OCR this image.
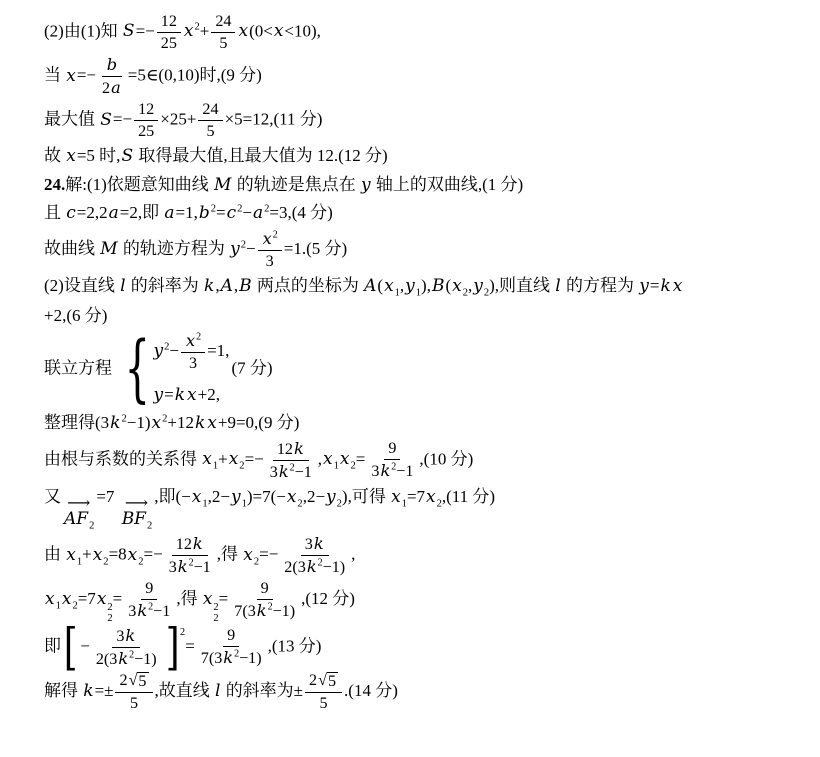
(2)由(1)知 $S=- \frac{12}{25} x^2+ \frac{24}{5} x(0<x<10)$,
当 $x=- \frac{b}{2a}$ =5∈(0,10)时,(9 分)
最大值 $S=- \frac{12}{25} \times 25+ \frac{24}{5} \times 5=12,(11$ 分)
故 x=5 时,S 取得最大值,且最大值为 12.(12 分)
24.解:(1)依题意知曲线 M 的轨迹是焦点在 y 轴上的双曲线,(1 分)
且 c=2,2a=2,即 $a=1,b^2=c^2-a^2=3,(4$ 分)
故曲线 M 的轨迹方程为 $y^2- \frac{x^2}{3} =1.(5$ 分)
(2)设直线 l 的斜率为 k,A,B 两点的坐标为 $A(x_1,y_1),B(x_2,y_2)$,则直线 l 的方程为 y=k x
+2,(6 分)
联立方程 { $y^2- \frac{x^2}{3} =1$,
y=k x+2,
(7 分)
整理得$(3k^2-1)x^2+12k$ x+9=0,(9 分)
由根与系数的关系得 $x_1+x_2=- \frac{12k}{3k^2-1} ,x_1x_2= \frac{9}{3k^2-1} ,(10$ 分)
又 ⟶
$AF_2$
=7 ⟶
$BF_2$
,即$(-x_1,2-y_1)=7(-x_2,2-y_2)$,可得 $x_1=7x_2,(11$ 分)
由 $x_1+x_2=8x_2=- \frac{12k}{3k^2-1}$ ,得 $x_2=- \frac{3k}{2(3k^2-1)}$ ,
$x_1x_2=7x$ 2
2
= $\frac{9}{3k^2-1}$ ,得 x 2
2
= $\frac{9}{7(3k^2-1)} ,(12$ 分)
即 [ − $\frac{3k}{2(3k^2-1)}$ ] 2
= $\frac{9}{7(3k^2-1)} ,(13$ 分)
解得 $k=\pm \frac{2 √ 5}{5}$ ,故直线 l 的斜率为± $\frac{2 √ 5}{5} .(14$ 分)
